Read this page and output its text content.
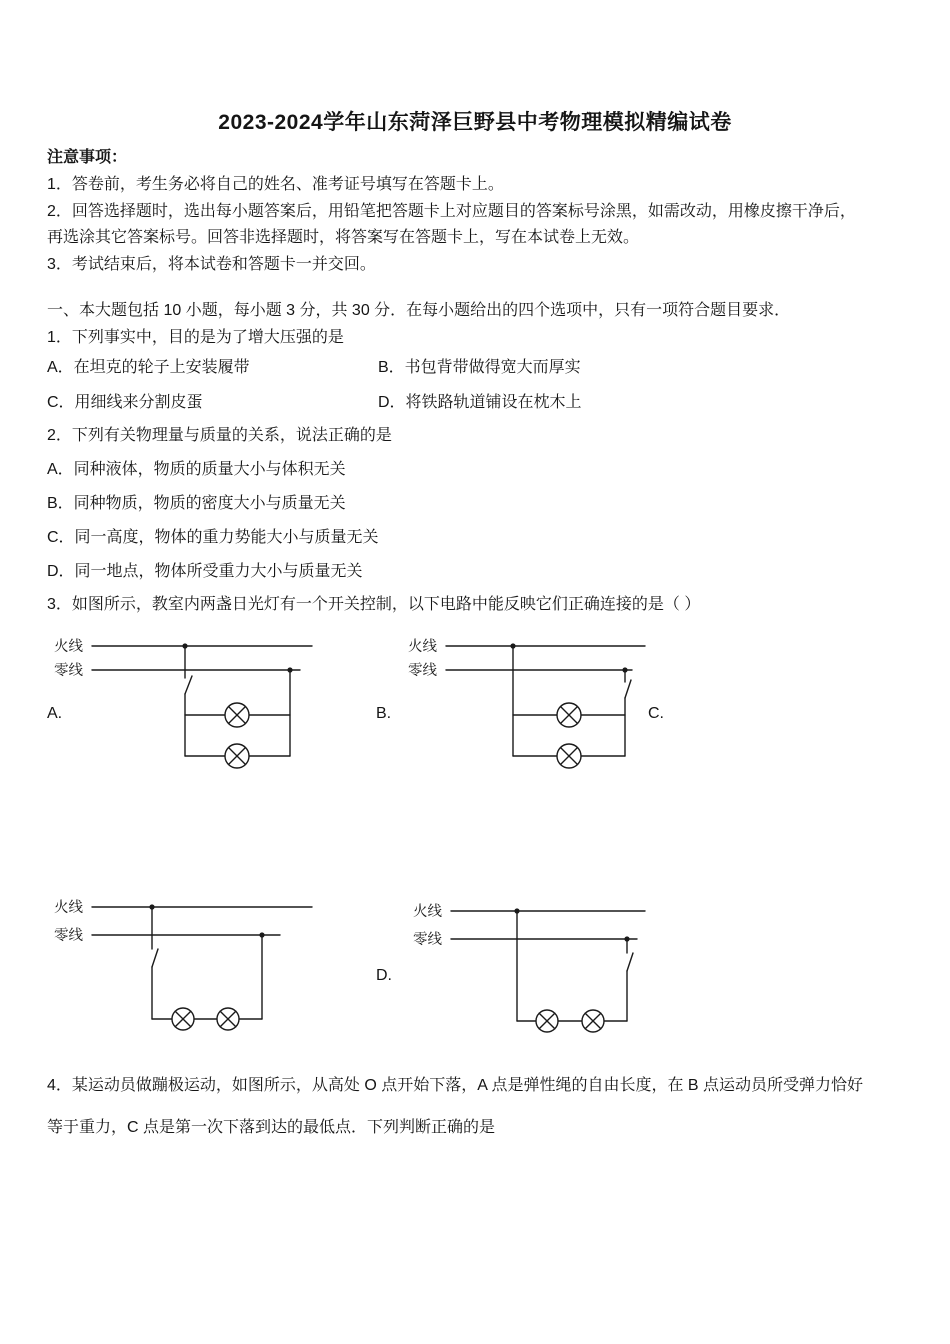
2023-2024学年山东菏泽巨野县中考物理模拟精编试卷
注意事项：
1．答卷前，考生务必将自己的姓名、准考证号填写在答题卡上。
2．回答选择题时，选出每小题答案后，用铅笔把答题卡上对应题目的答案标号涂黑，如需改动，用橡皮擦干净后，
再选涂其它答案标号。回答非选择题时，将答案写在答题卡上，写在本试卷上无效。
3．考试结束后，将本试卷和答题卡一并交回。
一、本大题包括 10 小题，每小题 3 分，共 30 分．在每小题给出的四个选项中，只有一项符合题目要求．
1．下列事实中，目的是为了增大压强的是
A．在坦克的轮子上安装履带	B．书包背带做得宽大而厚实
C．用细线来分割皮蛋	D．将铁路轨道铺设在枕木上
2．下列有关物理量与质量的关系，说法正确的是
A．同种液体，物质的质量大小与体积无关
B．同种物质，物质的密度大小与质量无关
C．同一高度，物体的重力势能大小与质量无关
D．同一地点，物体所受重力大小与质量无关
3．如图所示，教室内两盏日光灯有一个开关控制，以下电路中能反映它们正确连接的是（ ）
A.	B.	C.
D.
火线
零线
火线
零线
火线
零线
火线
零线
4．某运动员做蹦极运动，如图所示，从高处 O 点开始下落，A 点是弹性绳的自由长度，在 B 点运动员所受弹力恰好
等于重力，C 点是第一次下落到达的最低点．下列判断正确的是
